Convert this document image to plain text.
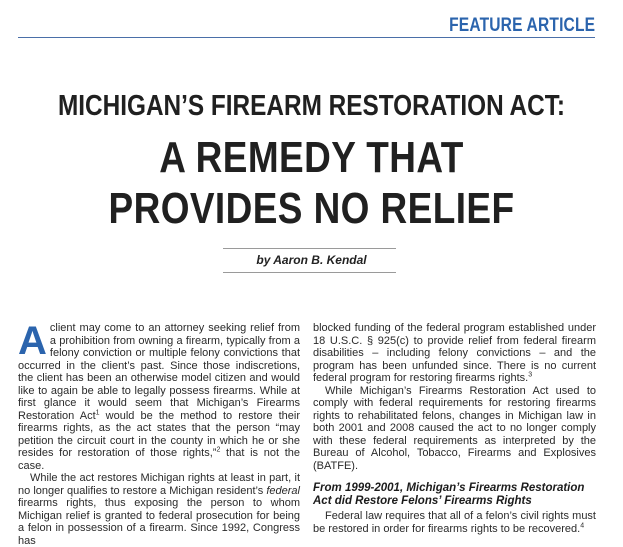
FEATURE ARTICLE
MICHIGAN’S FIREARM RESTORATION ACT:
A REMEDY THAT
PROVIDES NO RELIEF
by Aaron B. Kendal

A client may come to an attorney seeking relief from a prohibition from owning a firearm, typically from a felony conviction or multiple felony convictions that occurred in the client’s past. Since those indiscretions, the client has been an otherwise model citizen and would like to again be able to legally possess firearms. While at first glance it would seem that Michigan’s Firearms Restoration Act$^1$ would be the method to restore their firearms rights, as the act states that the person “may petition the circuit court in the county in which he or she resides for restoration of those rights,”$^2$ that is not the case.

While the act restores Michigan rights at least in part, it no longer qualifies to restore a Michigan resident’s federal firearms rights, thus exposing the person to whom Michigan relief is granted to federal prosecution for being a felon in possession of a firearm. Since 1992, Congress has

blocked funding of the federal program established under 18 U.S.C. § 925(c) to provide relief from federal firearm disabilities – including felony convictions – and the program has been unfunded since. There is no current federal program for restoring firearms rights.$^3$

While Michigan’s Firearms Restoration Act used to comply with federal requirements for restoring firearms rights to rehabilitated felons, changes in Michigan law in both 2001 and 2008 caused the act to no longer comply with these federal requirements as interpreted by the Bureau of Alcohol, Tobacco, Firearms and Explosives (BATFE).

From 1999-2001, Michigan’s Firearms Restoration Act did Restore Felons’ Firearms Rights

Federal law requires that all of a felon’s civil rights must be restored in order for firearms rights to be recovered.$^4$
